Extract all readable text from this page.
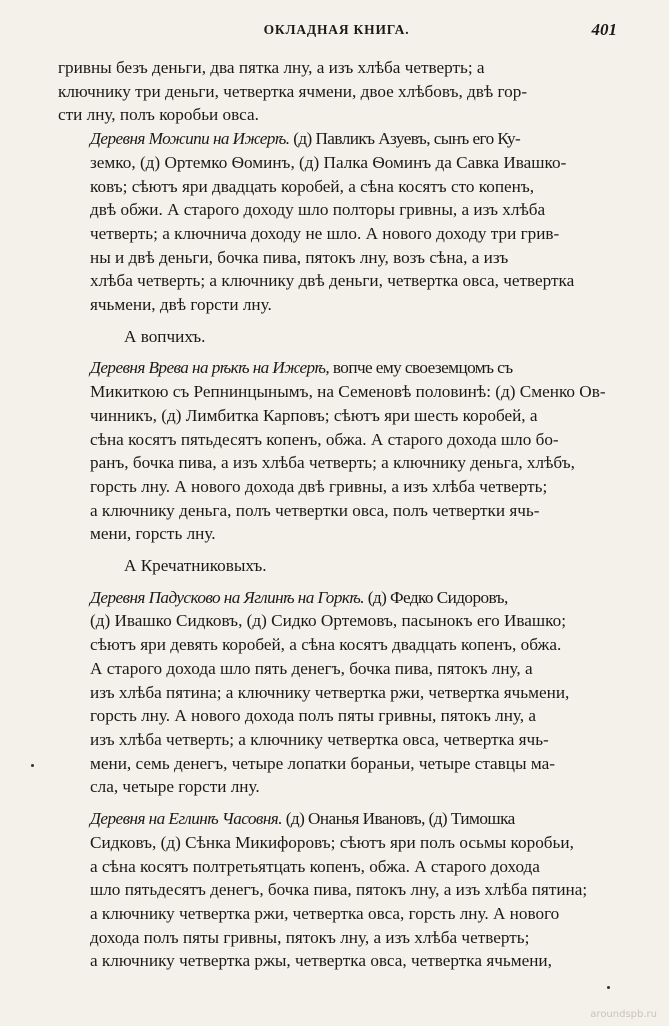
ОКЛАДНАЯ КНИГА.	401

гривны безъ деньги, два пятка лну, а изъ хлѣба четверть; а
ключнику три деньги, четвертка ячмени, двое хлѣбовъ, двѣ гор-
сти лну, полъ коробьи овса.

Деревня Можипи на Ижерѣ. (д) Павликъ Азуевъ, сынъ его Ку-
земко, (д) Ортемко Ѳоминъ, (д) Палка Ѳоминъ да Савка Ивашко-
ковъ; сѣютъ яри двадцать коробей, а сѣна косятъ сто копенъ,
двѣ обжи. А старого доходу шло полторы гривны, а изъ хлѣба
четверть; а ключнича доходу не шло. А нового доходу три грив-
ны и двѣ деньги, бочка пива, пятокъ лну, возъ сѣна, а изъ
хлѣба четверть; а ключнику двѣ деньги, четвертка овса, четвертка
ячьмени, двѣ горсти лну.

А вопчихъ.

Деревня Врева на рѣкѣ на Ижерѣ, вопче ему своеземцомъ съ
Микиткою съ Репнинцынымъ, на Семеновѣ половинѣ: (д) Сменко Ов-
чинникъ, (д) Лимбитка Карповъ; сѣютъ яри шесть коробей, а
сѣна косятъ пятьдесятъ копенъ, обжа. А старого дохода шло бо-
ранъ, бочка пива, а изъ хлѣба четверть; а ключнику деньга, хлѣбъ,
горсть лну. А нового дохода двѣ гривны, а изъ хлѣба четверть;
а ключнику деньга, полъ четвертки овса, полъ четвертки ячь-
мени, горсть лну.

А Кречатниковыхъ.

Деревня Падусково на Яглинѣ на Горкѣ. (д) Федко Сидоровъ,
(д) Ивашко Сидковъ, (д) Сидко Ортемовъ, пасынокъ его Ивашко;
сѣютъ яри девять коробей, а сѣна косятъ двадцать копенъ, обжа.
А старого дохода шло пять денегъ, бочка пива, пятокъ лну, а
изъ хлѣба пятина; а ключнику четвертка ржи, четвертка ячьмени,
горсть лну. А нового дохода полъ пяты гривны, пятокъ лну, а
изъ хлѣба четверть; а ключнику четвертка овса, четвертка ячь-
мени, семь денегъ, четыре лопатки бораньи, четыре ставцы ма-
сла, четыре горсти лну.

Деревня на Еглинѣ Часовня. (д) Онанья Ивановъ, (д) Тимошка
Сидковъ, (д) Сѣнка Микифоровъ; сѣютъ яри полъ осьмы коробьи,
а сѣна косятъ полтретьятцать копенъ, обжа. А старого дохода
шло пятьдесятъ денегъ, бочка пива, пятокъ лну, а изъ хлѣба пятина;
а ключнику четвертка ржи, четвертка овса, горсть лну. А нового
дохода полъ пяты гривны, пятокъ лну, а изъ хлѣба четверть;
а ключнику четвертка ржы, четвертка овса, четвертка ячьмени,

aroundspb.ru
